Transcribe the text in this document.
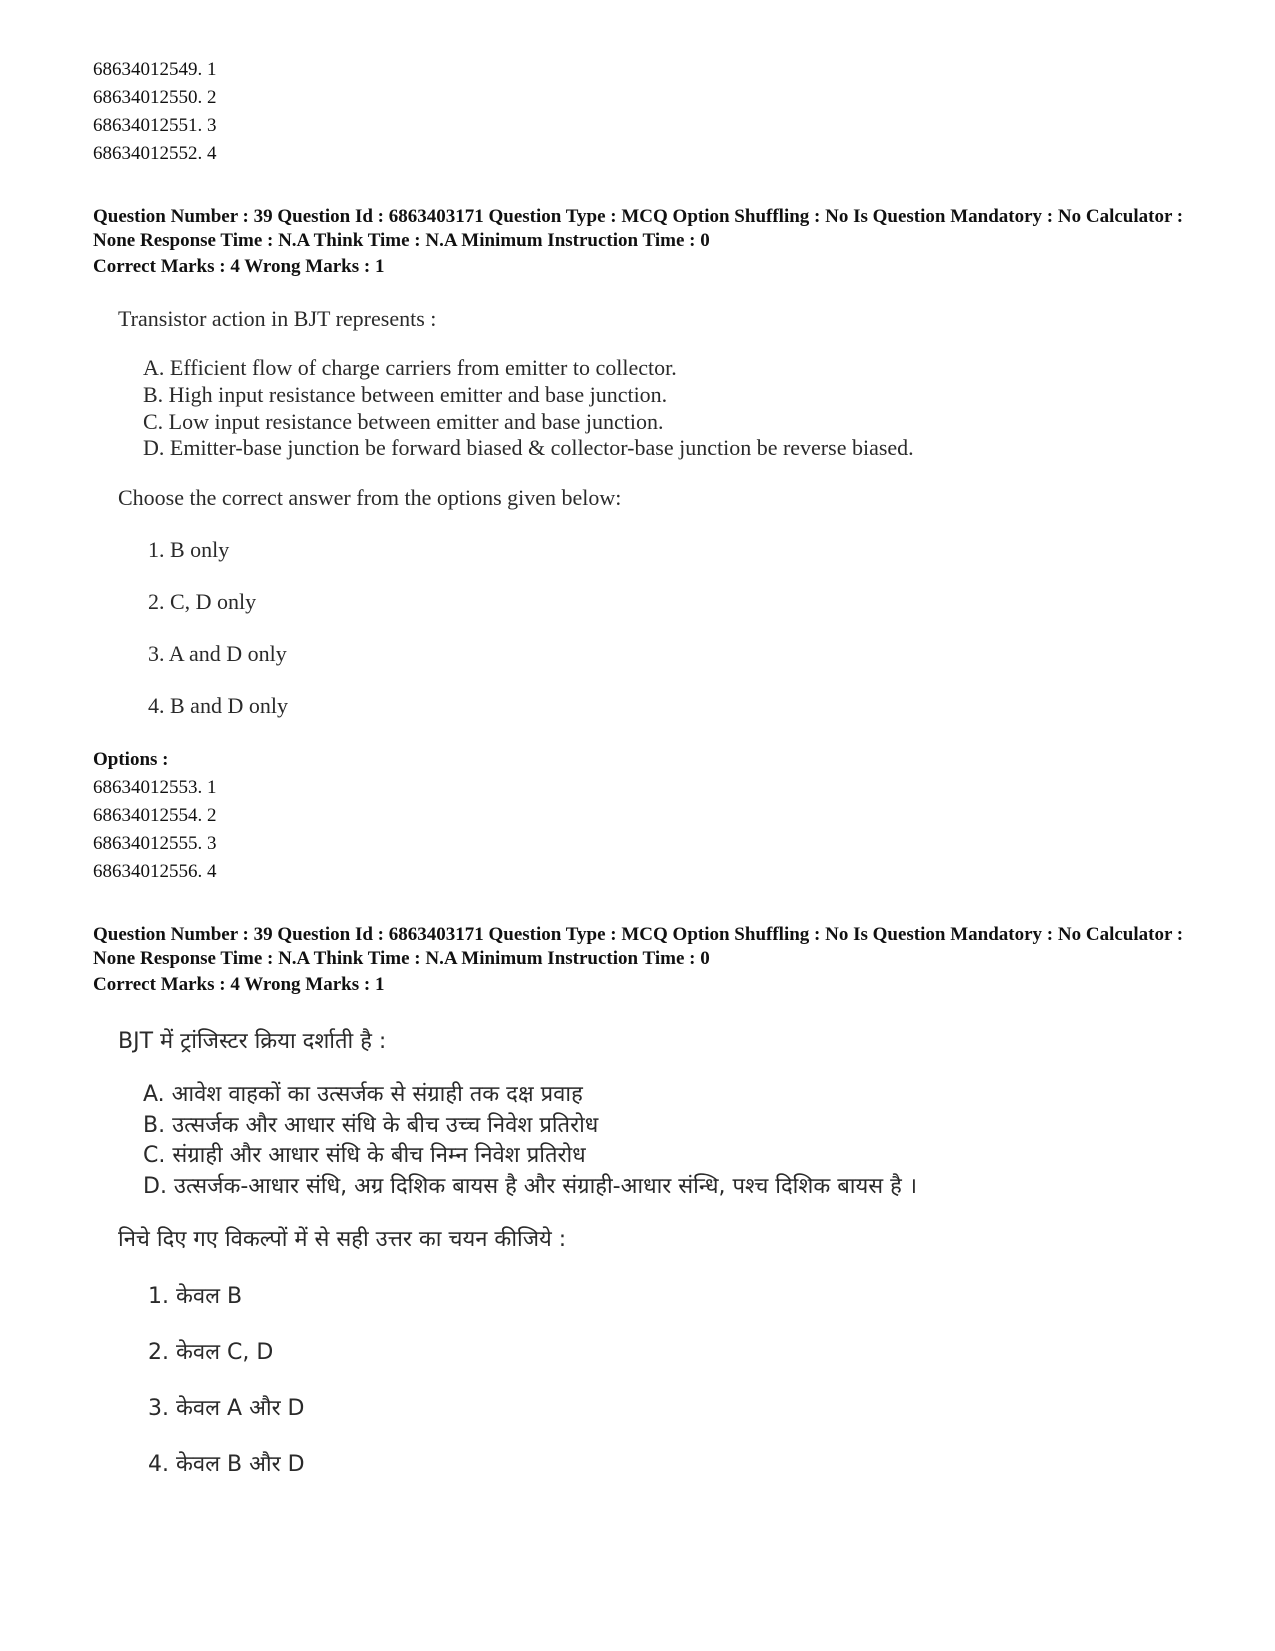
68634012549. 1
68634012550. 2
68634012551. 3
68634012552. 4
Question Number : 39 Question Id : 6863403171 Question Type : MCQ Option Shuffling : No Is Question Mandatory : No Calculator : None Response Time : N.A Think Time : N.A Minimum Instruction Time : 0
Correct Marks : 4 Wrong Marks : 1
Transistor action in BJT represents :
A. Efficient flow of charge carriers from emitter to collector.
B. High input resistance between emitter and base junction.
C. Low input resistance between emitter and base junction.
D. Emitter-base junction be forward biased & collector-base junction be reverse biased.
Choose the correct answer from the options given below:
1. B only
2. C, D only
3. A and D only
4. B and D only
Options :
68634012553. 1
68634012554. 2
68634012555. 3
68634012556. 4
Question Number : 39 Question Id : 6863403171 Question Type : MCQ Option Shuffling : No Is Question Mandatory : No Calculator : None Response Time : N.A Think Time : N.A Minimum Instruction Time : 0
Correct Marks : 4 Wrong Marks : 1
BJT में ट्रांजिस्टर क्रिया दर्शाती है :
A. आवेश वाहकों का उत्सर्जक से संग्राही तक दक्ष प्रवाह
B. उत्सर्जक और आधार संधि के बीच उच्च निवेश प्रतिरोध
C. संग्राही और आधार संधि के बीच निम्न निवेश प्रतिरोध
D. उत्सर्जक-आधार संधि, अग्र दिशिक बायस है और संग्राही-आधार संन्धि, पश्च दिशिक बायस है ।
निचे दिए गए विकल्पों में से सही उत्तर का चयन कीजिये :
1. केवल B
2. केवल C, D
3. केवल A और D
4. केवल B और D
